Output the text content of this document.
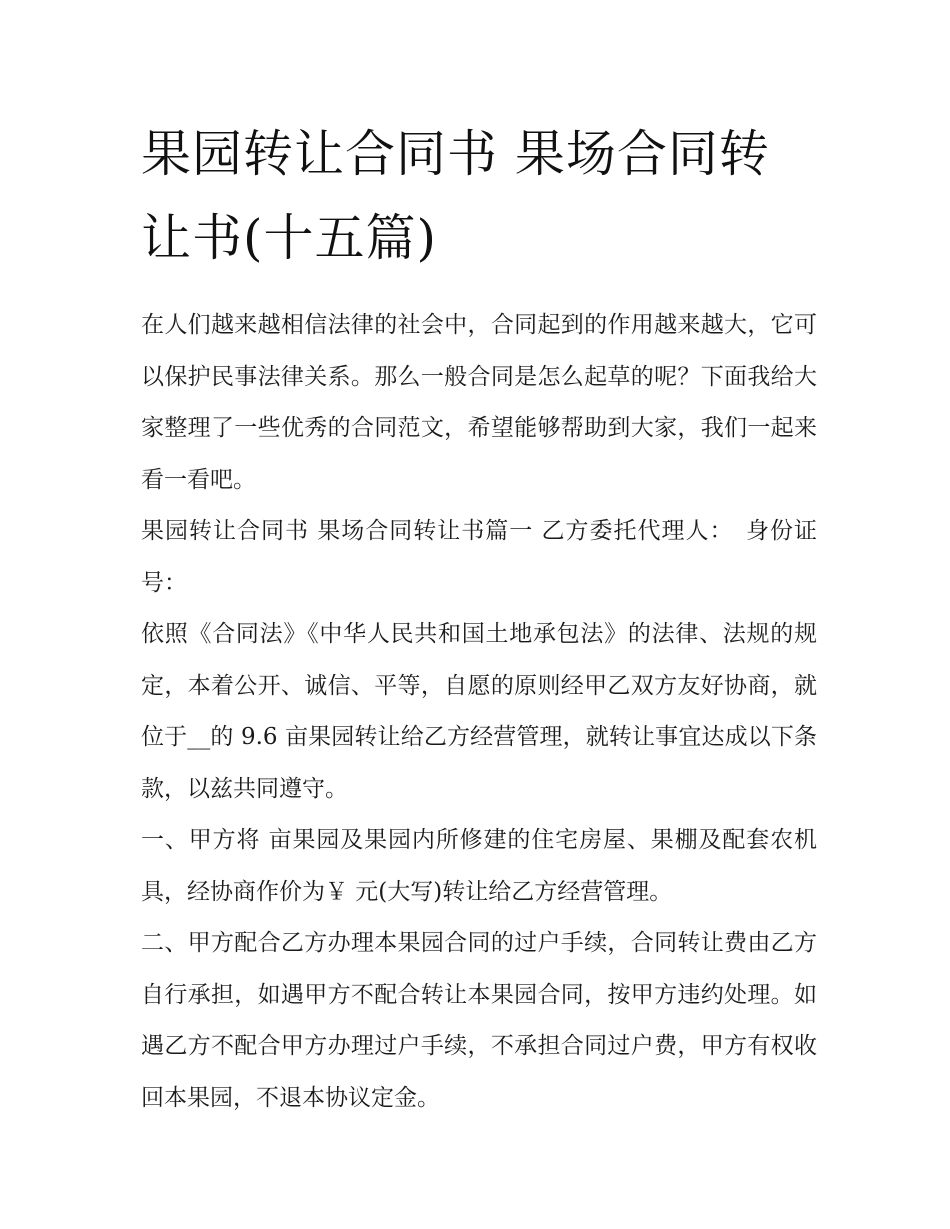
果园转让合同书 果场合同转让书(十五篇)

在人们越来越相信法律的社会中，合同起到的作用越来越大，它可以保护民事法律关系。那么一般合同是怎么起草的呢？下面我给大家整理了一些优秀的合同范文，希望能够帮助到大家，我们一起来看一看吧。

果园转让合同书 果场合同转让书篇一 乙方委托代理人：　身份证号：

依照《合同法》《中华人民共和国土地承包法》的法律、法规的规定，本着公开、诚信、平等，自愿的原则经甲乙双方友好协商，就位于__的 9.6 亩果园转让给乙方经营管理，就转让事宜达成以下条款，以兹共同遵守。

一、甲方将 亩果园及果园内所修建的住宅房屋、果棚及配套农机具，经协商作价为￥ 元(大写)转让给乙方经营管理。

二、甲方配合乙方办理本果园合同的过户手续，合同转让费由乙方自行承担，如遇甲方不配合转让本果园合同，按甲方违约处理。如遇乙方不配合甲方办理过户手续，不承担合同过户费，甲方有权收回本果园，不退本协议定金。
